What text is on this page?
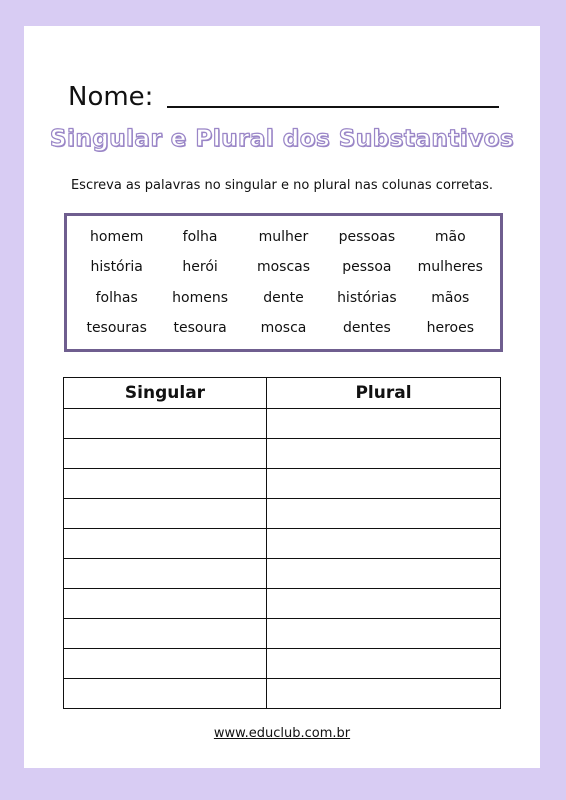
Nome:
Singular e Plural dos Substantivos
Escreva as palavras no singular e no plural nas colunas corretas.
homem	folha	mulher	pessoas	mão
história	herói	moscas	pessoa	mulheres
folhas	homens	dente	histórias	mãos
tesouras	tesoura	mosca	dentes	heroes
Singular	Plural

www.educlub.com.br
